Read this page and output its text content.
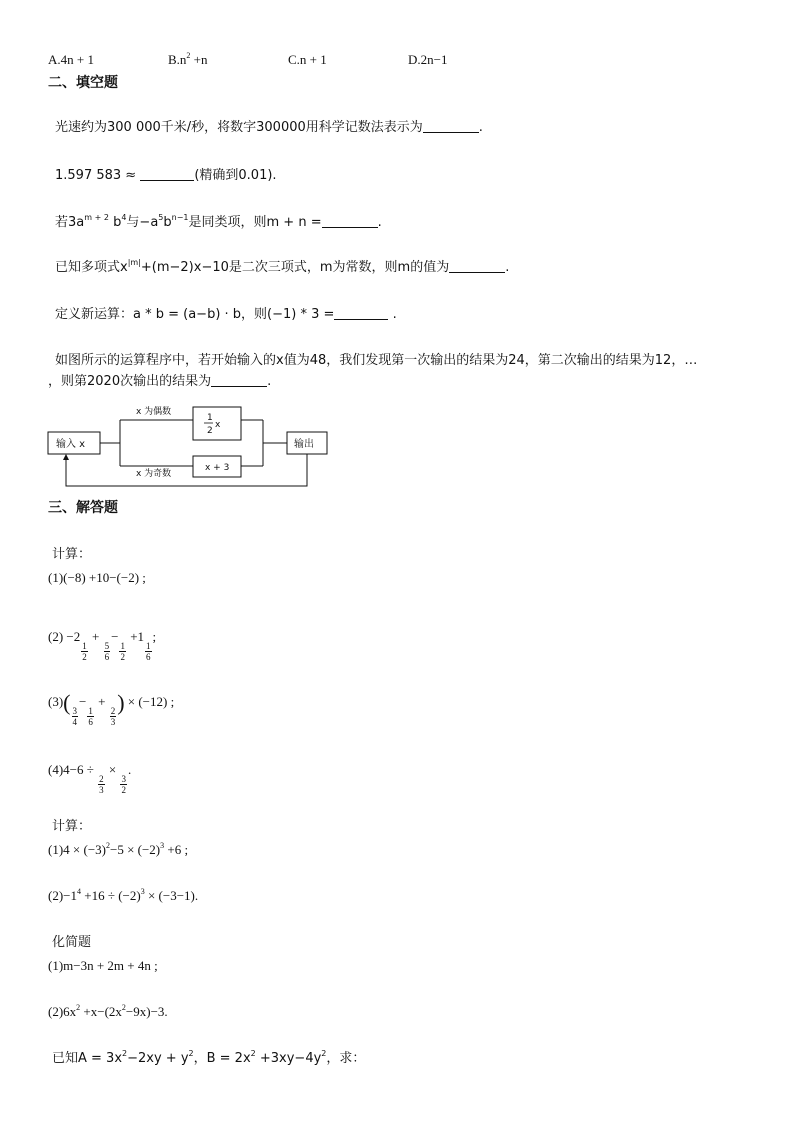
A.4n + 1	$B.n^2 +n$	C.n + 1	D.2n−1
二、填空题
光速约为300 000千米/秒，将数字300000用科学记数法表示为	.
1.597 583 ≈	(精确到0.01).
若$3a^{m + 2}$ $b^4$与$-a^5b^{n-1}$是同类项，则m + n =	.
已知多项式$x^{|m|}+(m-2)x-10$是二次三项式，m为常数，则m的值为	.
定义新运算：a * b = (a−b) · b，则(−1) * 3 =	.
如图所示的运算程序中，若开始输入的x值为48，我们发现第一次输出的结果为24，第二次输出的结果为12，…
，则第2020次输出的结果为	.
输入 x	输出
x 为偶数
x 为奇数
1
2
x
x + 3
三、解答题
计算：
(1)(−8) +10−(−2) ;
(2) −2
$\frac{1}{2}$
+
$\frac{5}{6}$
−
$\frac{1}{2}$
+1
$\frac{1}{6}$
;
(3)(
$\frac{3}{4}$
−
$\frac{1}{6}$
+
$\frac{2}{3}$
) × (−12) ;
(4)4−6 ÷
$\frac{2}{3}$
×
$\frac{3}{2}$
.
计算：
$(1)4 \times (-3)^2-5 \times (-2)^3 +6$ ;
$(2)-1^4 +16 \div (-2)^3 \times (-3-1)$.
化简题
(1)m−3n + 2m + 4n ;
$(2)6x^2 +x-(2x^2-9x)-3$.
已知$A = 3x^2-2xy + y^2$，$B = 2x^2 +3xy-4y^2$，求：
